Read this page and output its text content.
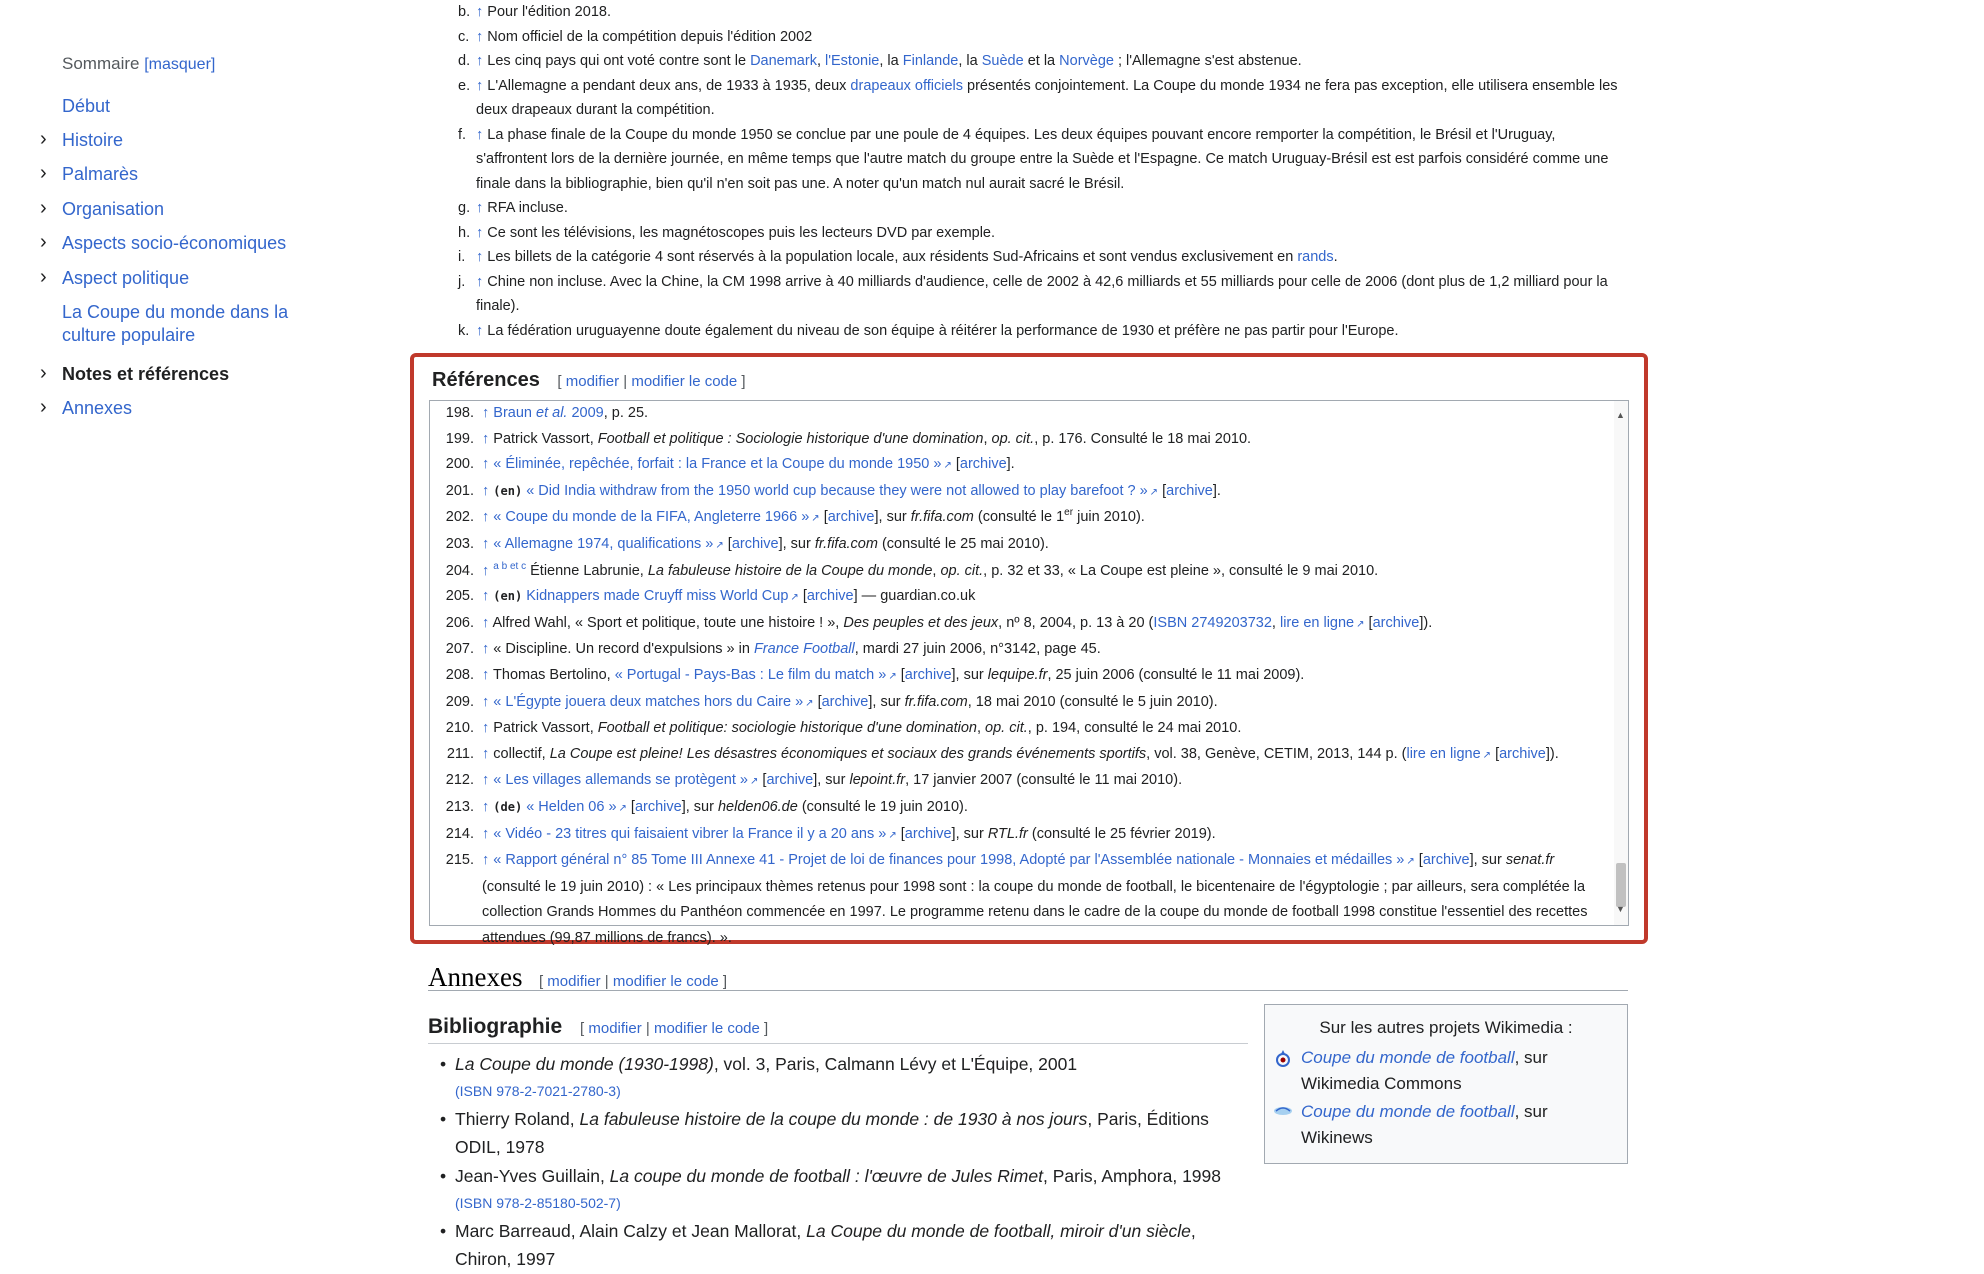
Sommaire [masquer]
Début
› Histoire
› Palmarès
› Organisation
› Aspects socio-économiques
› Aspect politique
La Coupe du monde dans la culture populaire
› Notes et références
› Annexes
b. ↑ Pour l'édition 2018.
c. ↑ Nom officiel de la compétition depuis l'édition 2002
d. ↑ Les cinq pays qui ont voté contre sont le Danemark, l'Estonie, la Finlande, la Suède et la Norvège ; l'Allemagne s'est abstenue.
e. ↑ L'Allemagne a pendant deux ans, de 1933 à 1935, deux drapeaux officiels présentés conjointement. La Coupe du monde 1934 ne fera pas exception, elle utilisera ensemble les deux drapeaux durant la compétition.
f. ↑ La phase finale de la Coupe du monde 1950 se conclue par une poule de 4 équipes. Les deux équipes pouvant encore remporter la compétition, le Brésil et l'Uruguay, s'affrontent lors de la dernière journée, en même temps que l'autre match du groupe entre la Suède et l'Espagne. Ce match Uruguay-Brésil est est parfois considéré comme une finale dans la bibliographie, bien qu'il n'en soit pas une. A noter qu'un match nul aurait sacré le Brésil.
g. ↑ RFA incluse.
h. ↑ Ce sont les télévisions, les magnétoscopes puis les lecteurs DVD par exemple.
i. ↑ Les billets de la catégorie 4 sont réservés à la population locale, aux résidents Sud-Africains et sont vendus exclusivement en rands.
j. ↑ Chine non incluse. Avec la Chine, la CM 1998 arrive à 40 milliards d'audience, celle de 2002 à 42,6 milliards et 55 milliards pour celle de 2006 (dont plus de 1,2 milliard pour la finale).
k. ↑ La fédération uruguayenne doute également du niveau de son équipe à réitérer la performance de 1930 et préfère ne pas partir pour l'Europe.
Références [ modifier | modifier le code ]
198. ↑ Braun et al. 2009, p. 25.
199. ↑ Patrick Vassort, Football et politique : Sociologie historique d'une domination, op. cit., p. 176. Consulté le 18 mai 2010.
200. ↑ « Éliminée, repêchée, forfait : la France et la Coupe du monde 1950 » ↗ [archive].
201. ↑ (en) « Did India withdraw from the 1950 world cup because they were not allowed to play barefoot ? » ↗ [archive].
202. ↑ « Coupe du monde de la FIFA, Angleterre 1966 » ↗ [archive], sur fr.fifa.com (consulté le 1er juin 2010).
203. ↑ « Allemagne 1974, qualifications » ↗ [archive], sur fr.fifa.com (consulté le 25 mai 2010).
204. ↑ $^{a b et c}$ Étienne Labrunie, La fabuleuse histoire de la Coupe du monde, op. cit., p. 32 et 33, « La Coupe est pleine », consulté le 9 mai 2010.
205. ↑ (en) Kidnappers made Cruyff miss World Cup ↗ [archive] — guardian.co.uk
206. ↑ Alfred Wahl, « Sport et politique, toute une histoire ! », Des peuples et des jeux, nº 8, 2004, p. 13 à 20 (ISBN 2749203732, lire en ligne ↗ [archive]).
207. ↑ « Discipline. Un record d'expulsions » in France Football, mardi 27 juin 2006, n°3142, page 45.
208. ↑ Thomas Bertolino, « Portugal - Pays-Bas : Le film du match » ↗ [archive], sur lequipe.fr, 25 juin 2006 (consulté le 11 mai 2009).
209. ↑ « L'Égypte jouera deux matches hors du Caire » ↗ [archive], sur fr.fifa.com, 18 mai 2010 (consulté le 5 juin 2010).
210. ↑ Patrick Vassort, Football et politique: sociologie historique d'une domination, op. cit., p. 194, consulté le 24 mai 2010.
211. ↑ collectif, La Coupe est pleine! Les désastres économiques et sociaux des grands événements sportifs, vol. 38, Genève, CETIM, 2013, 144 p. (lire en ligne ↗ [archive]).
212. ↑ « Les villages allemands se protègent » ↗ [archive], sur lepoint.fr, 17 janvier 2007 (consulté le 11 mai 2010).
213. ↑ (de) « Helden 06 » ↗ [archive], sur helden06.de (consulté le 19 juin 2010).
214. ↑ « Vidéo - 23 titres qui faisaient vibrer la France il y a 20 ans » ↗ [archive], sur RTL.fr (consulté le 25 février 2019).
215. ↑ « Rapport général n° 85 Tome III Annexe 41 - Projet de loi de finances pour 1998, Adopté par l'Assemblée nationale - Monnaies et médailles » ↗ [archive], sur senat.fr (consulté le 19 juin 2010) : « Les principaux thèmes retenus pour 1998 sont : la coupe du monde de football, le bicentenaire de l'égyptologie ; par ailleurs, sera complétée la collection Grands Hommes du Panthéon commencée en 1997. Le programme retenu dans le cadre de la coupe du monde de football 1998 constitue l'essentiel des recettes attendues (99,87 millions de francs). ».
▲
▼
Annexes [ modifier | modifier le code ]
Bibliographie [ modifier | modifier le code ]
• La Coupe du monde (1930-1998), vol. 3, Paris, Calmann Lévy et L'Équipe, 2001
(ISBN 978-2-7021-2780-3)
• Thierry Roland, La fabuleuse histoire de la coupe du monde : de 1930 à nos jours, Paris, Éditions ODIL, 1978
• Jean-Yves Guillain, La coupe du monde de football : l'œuvre de Jules Rimet, Paris, Amphora, 1998
(ISBN 978-2-85180-502-7)
• Marc Barreaud, Alain Calzy et Jean Mallorat, La Coupe du monde de football, miroir d'un siècle, Chiron, 1997
Sur les autres projets Wikimedia :
Coupe du monde de football, sur Wikimedia Commons
Coupe du monde de football, sur Wikinews
